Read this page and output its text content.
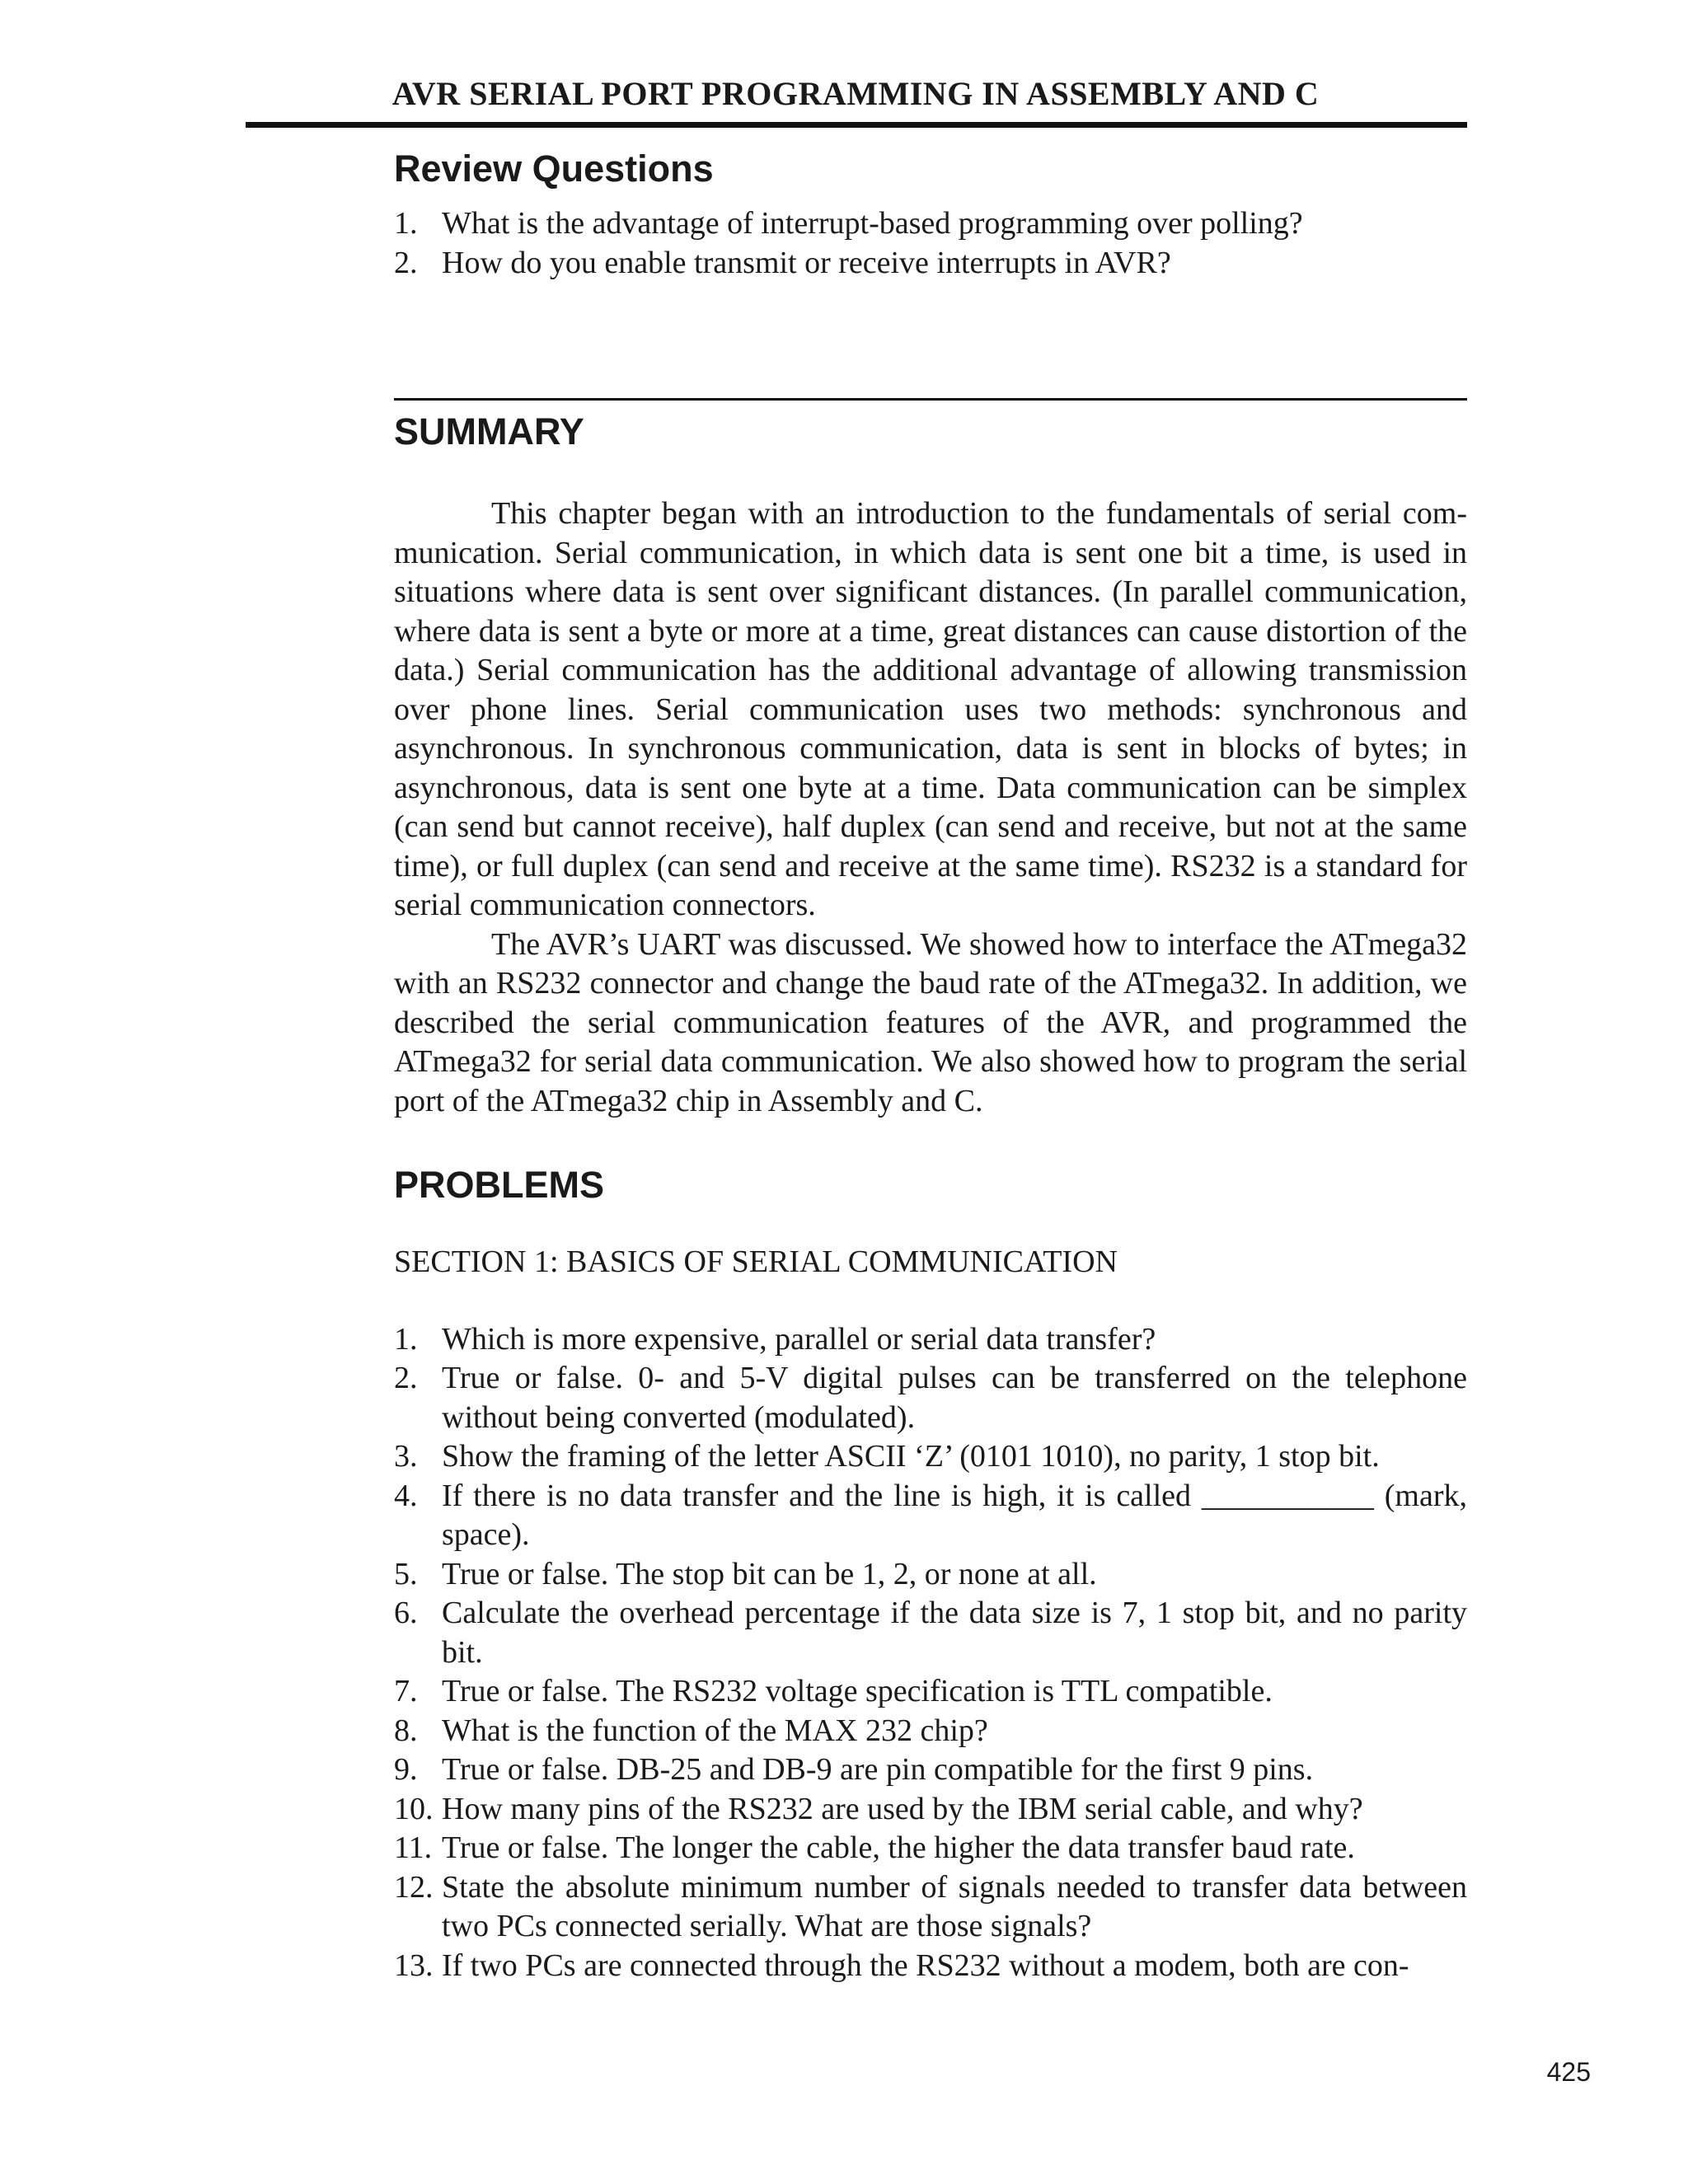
AVR SERIAL PORT PROGRAMMING IN ASSEMBLY AND C
Review Questions
1. What is the advantage of interrupt-based programming over polling?
2. How do you enable transmit or receive interrupts in AVR?
SUMMARY

This chapter began with an introduction to the fundamentals of serial communication. Serial communication, in which data is sent one bit a time, is used in situations where data is sent over significant distances. (In parallel communication, where data is sent a byte or more at a time, great distances can cause distortion of the data.) Serial communication has the additional advantage of allowing transmission over phone lines. Serial communication uses two methods: synchronous and asynchronous. In synchronous communication, data is sent in blocks of bytes; in asynchronous, data is sent one byte at a time. Data communication can be simplex (can send but cannot receive), half duplex (can send and receive, but not at the same time), or full duplex (can send and receive at the same time). RS232 is a standard for serial communication connectors.

The AVR’s UART was discussed. We showed how to interface the ATmega32 with an RS232 connector and change the baud rate of the ATmega32. In addition, we described the serial communication features of the AVR, and programmed the ATmega32 for serial data communication. We also showed how to program the serial port of the ATmega32 chip in Assembly and C.

PROBLEMS
SECTION 1: BASICS OF SERIAL COMMUNICATION
1. Which is more expensive, parallel or serial data transfer?
2. True or false. 0- and 5-V digital pulses can be transferred on the telephone without being converted (modulated).
3. Show the framing of the letter ASCII ‘Z’ (0101 1010), no parity, 1 stop bit.
4. If there is no data transfer and the line is high, it is called ___________ (mark, space).
5. True or false. The stop bit can be 1, 2, or none at all.
6. Calculate the overhead percentage if the data size is 7, 1 stop bit, and no parity bit.
7. True or false. The RS232 voltage specification is TTL compatible.
8. What is the function of the MAX 232 chip?
9. True or false. DB-25 and DB-9 are pin compatible for the first 9 pins.
10. How many pins of the RS232 are used by the IBM serial cable, and why?
11. True or false. The longer the cable, the higher the data transfer baud rate.
12. State the absolute minimum number of signals needed to transfer data between two PCs connected serially. What are those signals?
13. If two PCs are connected through the RS232 without a modem, both are con-
425
